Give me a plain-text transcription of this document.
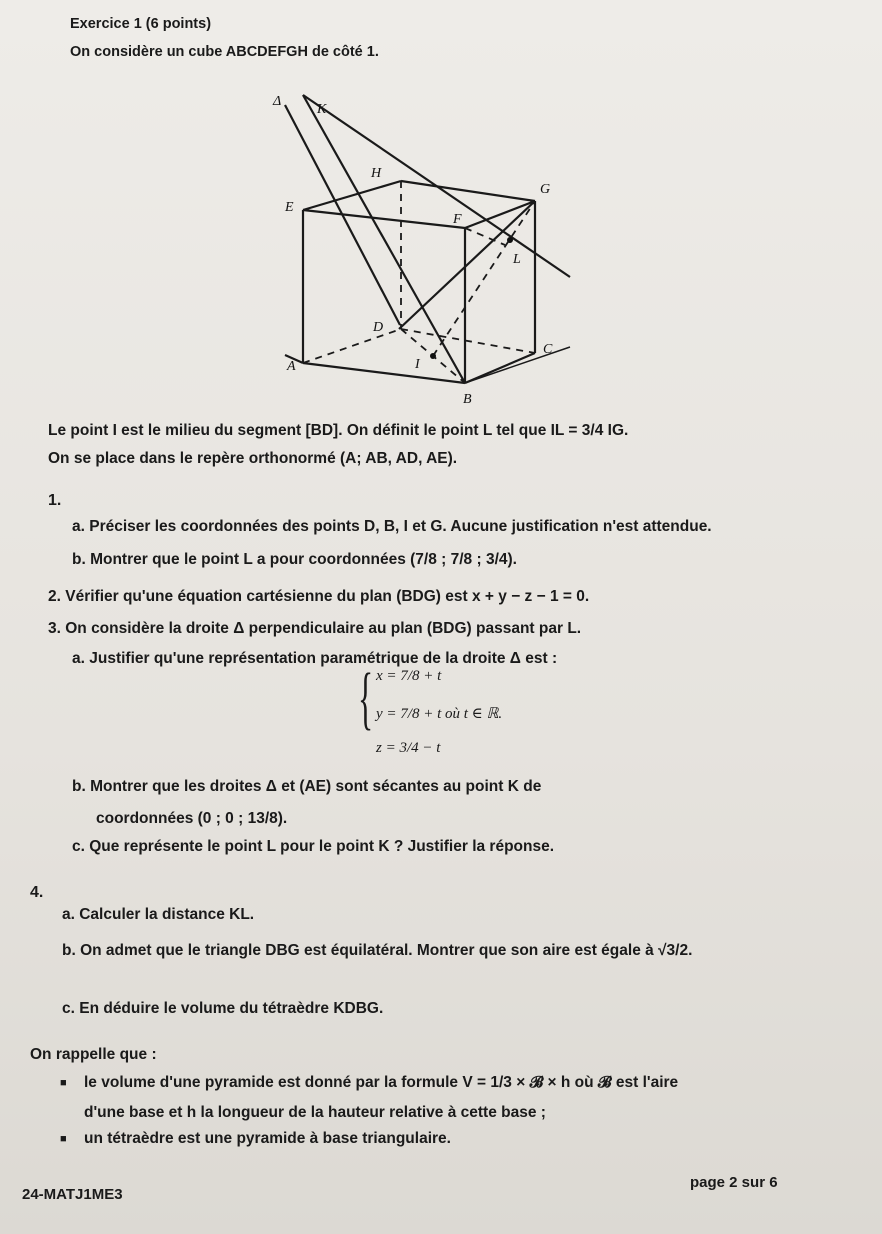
Exercice 1 (6 points)
On considère un cube ABCDEFGH de côté 1.
Δ
K
H
G
E
F
L
D
C
A	I
B
Le point I est le milieu du segment [BD]. On définit le point L tel que IL = 3/4 IG.
On se place dans le repère orthonormé (A; AB, AD, AE).
1.
a. Préciser les coordonnées des points D, B, I et G. Aucune justification n'est attendue.
b. Montrer que le point L a pour coordonnées (7/8 ; 7/8 ; 3/4).
2. Vérifier qu'une équation cartésienne du plan (BDG) est x + y − z − 1 = 0.
3. On considère la droite Δ perpendiculaire au plan (BDG) passant par L.
a. Justifier qu'une représentation paramétrique de la droite Δ est :
{ x = 7/8 + t
y = 7/8 + t où t ∈ ℝ.
z = 3/4 − t
b. Montrer que les droites Δ et (AE) sont sécantes au point K de
coordonnées (0 ; 0 ; 13/8).
c. Que représente le point L pour le point K ? Justifier la réponse.
4.
a. Calculer la distance KL.
b. On admet que le triangle DBG est équilatéral. Montrer que son aire est égale à √3/2.
c. En déduire le volume du tétraèdre KDBG.
On rappelle que :
■ le volume d'une pyramide est donné par la formule V = 1/3 × 𝓑 × h où 𝓑 est l'aire
d'une base et h la longueur de la hauteur relative à cette base ;
■ un tétraèdre est une pyramide à base triangulaire.
24-MATJ1ME3
page 2 sur 6
